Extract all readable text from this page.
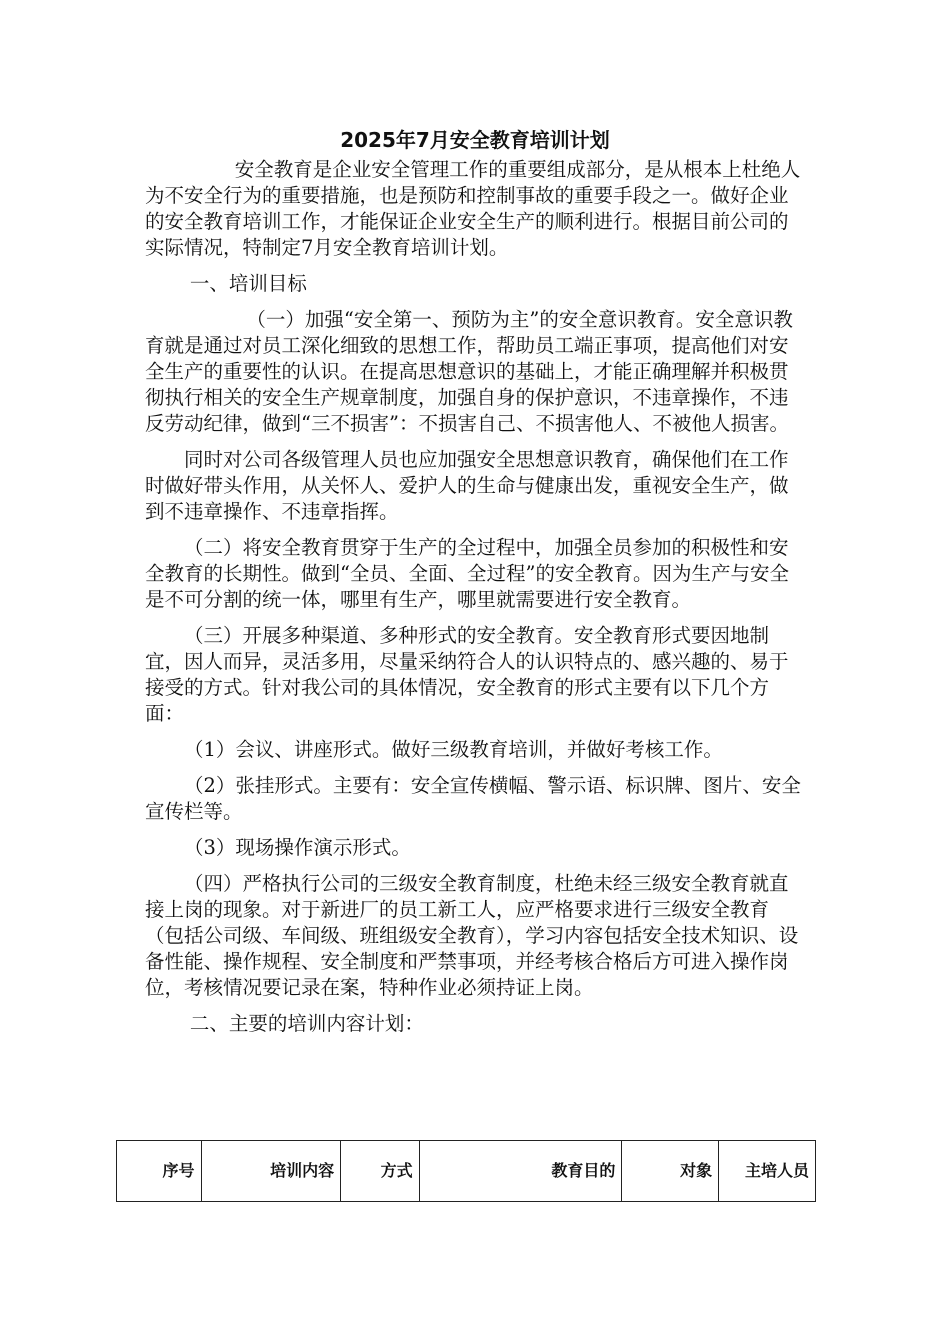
2025年7月安全教育培训计划

安全教育是企业安全管理工作的重要组成部分，是从根本上杜绝人为不安全行为的重要措施，也是预防和控制事故的重要手段之一。做好企业的安全教育培训工作，才能保证企业安全生产的顺利进行。根据目前公司的实际情况，特制定7月安全教育培训计划。

一、培训目标

（一）加强“安全第一、预防为主”的安全意识教育。安全意识教育就是通过对员工深化细致的思想工作，帮助员工端正事项，提高他们对安全生产的重要性的认识。在提高思想意识的基础上，才能正确理解并积极贯彻执行相关的安全生产规章制度，加强自身的保护意识，不违章操作，不违反劳动纪律，做到“三不损害”：不损害自己、不损害他人、不被他人损害。

同时对公司各级管理人员也应加强安全思想意识教育，确保他们在工作时做好带头作用，从关怀人、爱护人的生命与健康出发，重视安全生产，做到不违章操作、不违章指挥。

（二）将安全教育贯穿于生产的全过程中，加强全员参加的积极性和安全教育的长期性。做到“全员、全面、全过程”的安全教育。因为生产与安全是不可分割的统一体，哪里有生产，哪里就需要进行安全教育。

（三）开展多种渠道、多种形式的安全教育。安全教育形式要因地制宜，因人而异，灵活多用，尽量采纳符合人的认识特点的、感兴趣的、易于接受的方式。针对我公司的具体情况，安全教育的形式主要有以下几个方面：

（1）会议、讲座形式。做好三级教育培训，并做好考核工作。

（2）张挂形式。主要有：安全宣传横幅、警示语、标识牌、图片、安全宣传栏等。

（3）现场操作演示形式。

（四）严格执行公司的三级安全教育制度，杜绝未经三级安全教育就直接上岗的现象。对于新进厂的员工新工人，应严格要求进行三级安全教育（包括公司级、车间级、班组级安全教育），学习内容包括安全技术知识、设备性能、操作规程、安全制度和严禁事项，并经考核合格后方可进入操作岗位，考核情况要记录在案，特种作业必须持证上岗。

二、主要的培训内容计划：

序号	培训内容	方式	教育目的	对象	主培人员
